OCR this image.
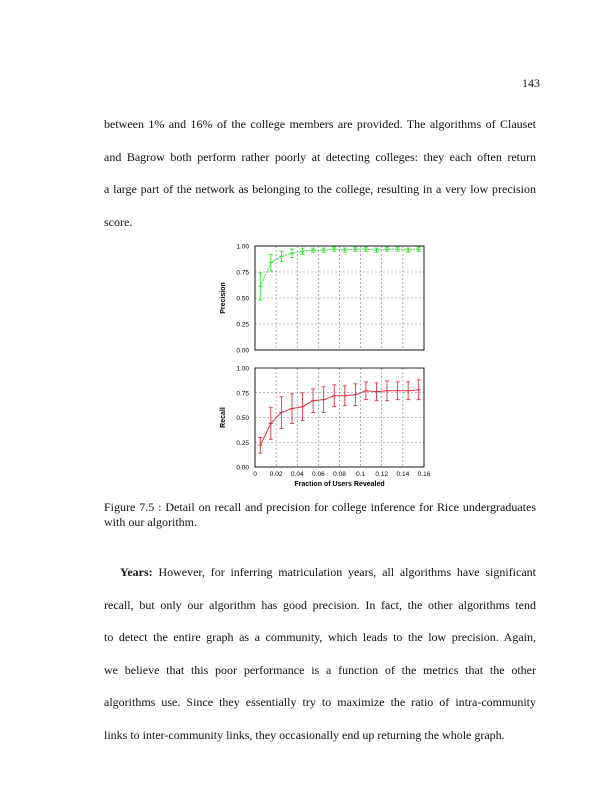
143
between 1% and 16% of the college members are provided. The algorithms of Clauset
and Bagrow both perform rather poorly at detecting colleges: they each often return
a large part of the network as belonging to the college, resulting in a very low precision
score.
0.00
0.25
0.50
0.75
1.00
Precision
0.00
0.25
0.50
0.75
1.00
Recall
0 0.02 0.04 0.06 0.08 0.1 0.12 0.14 0.16
Fraction of Users Revealed
Figure 7.5 : Detail on recall and precision for college inference for Rice undergraduates with our algorithm.
Years: However, for inferring matriculation years, all algorithms have significant
recall, but only our algorithm has good precision. In fact, the other algorithms tend
to detect the entire graph as a community, which leads to the low precision. Again,
we believe that this poor performance is a function of the metrics that the other
algorithms use. Since they essentially try to maximize the ratio of intra-community
links to inter-community links, they occasionally end up returning the whole graph.
